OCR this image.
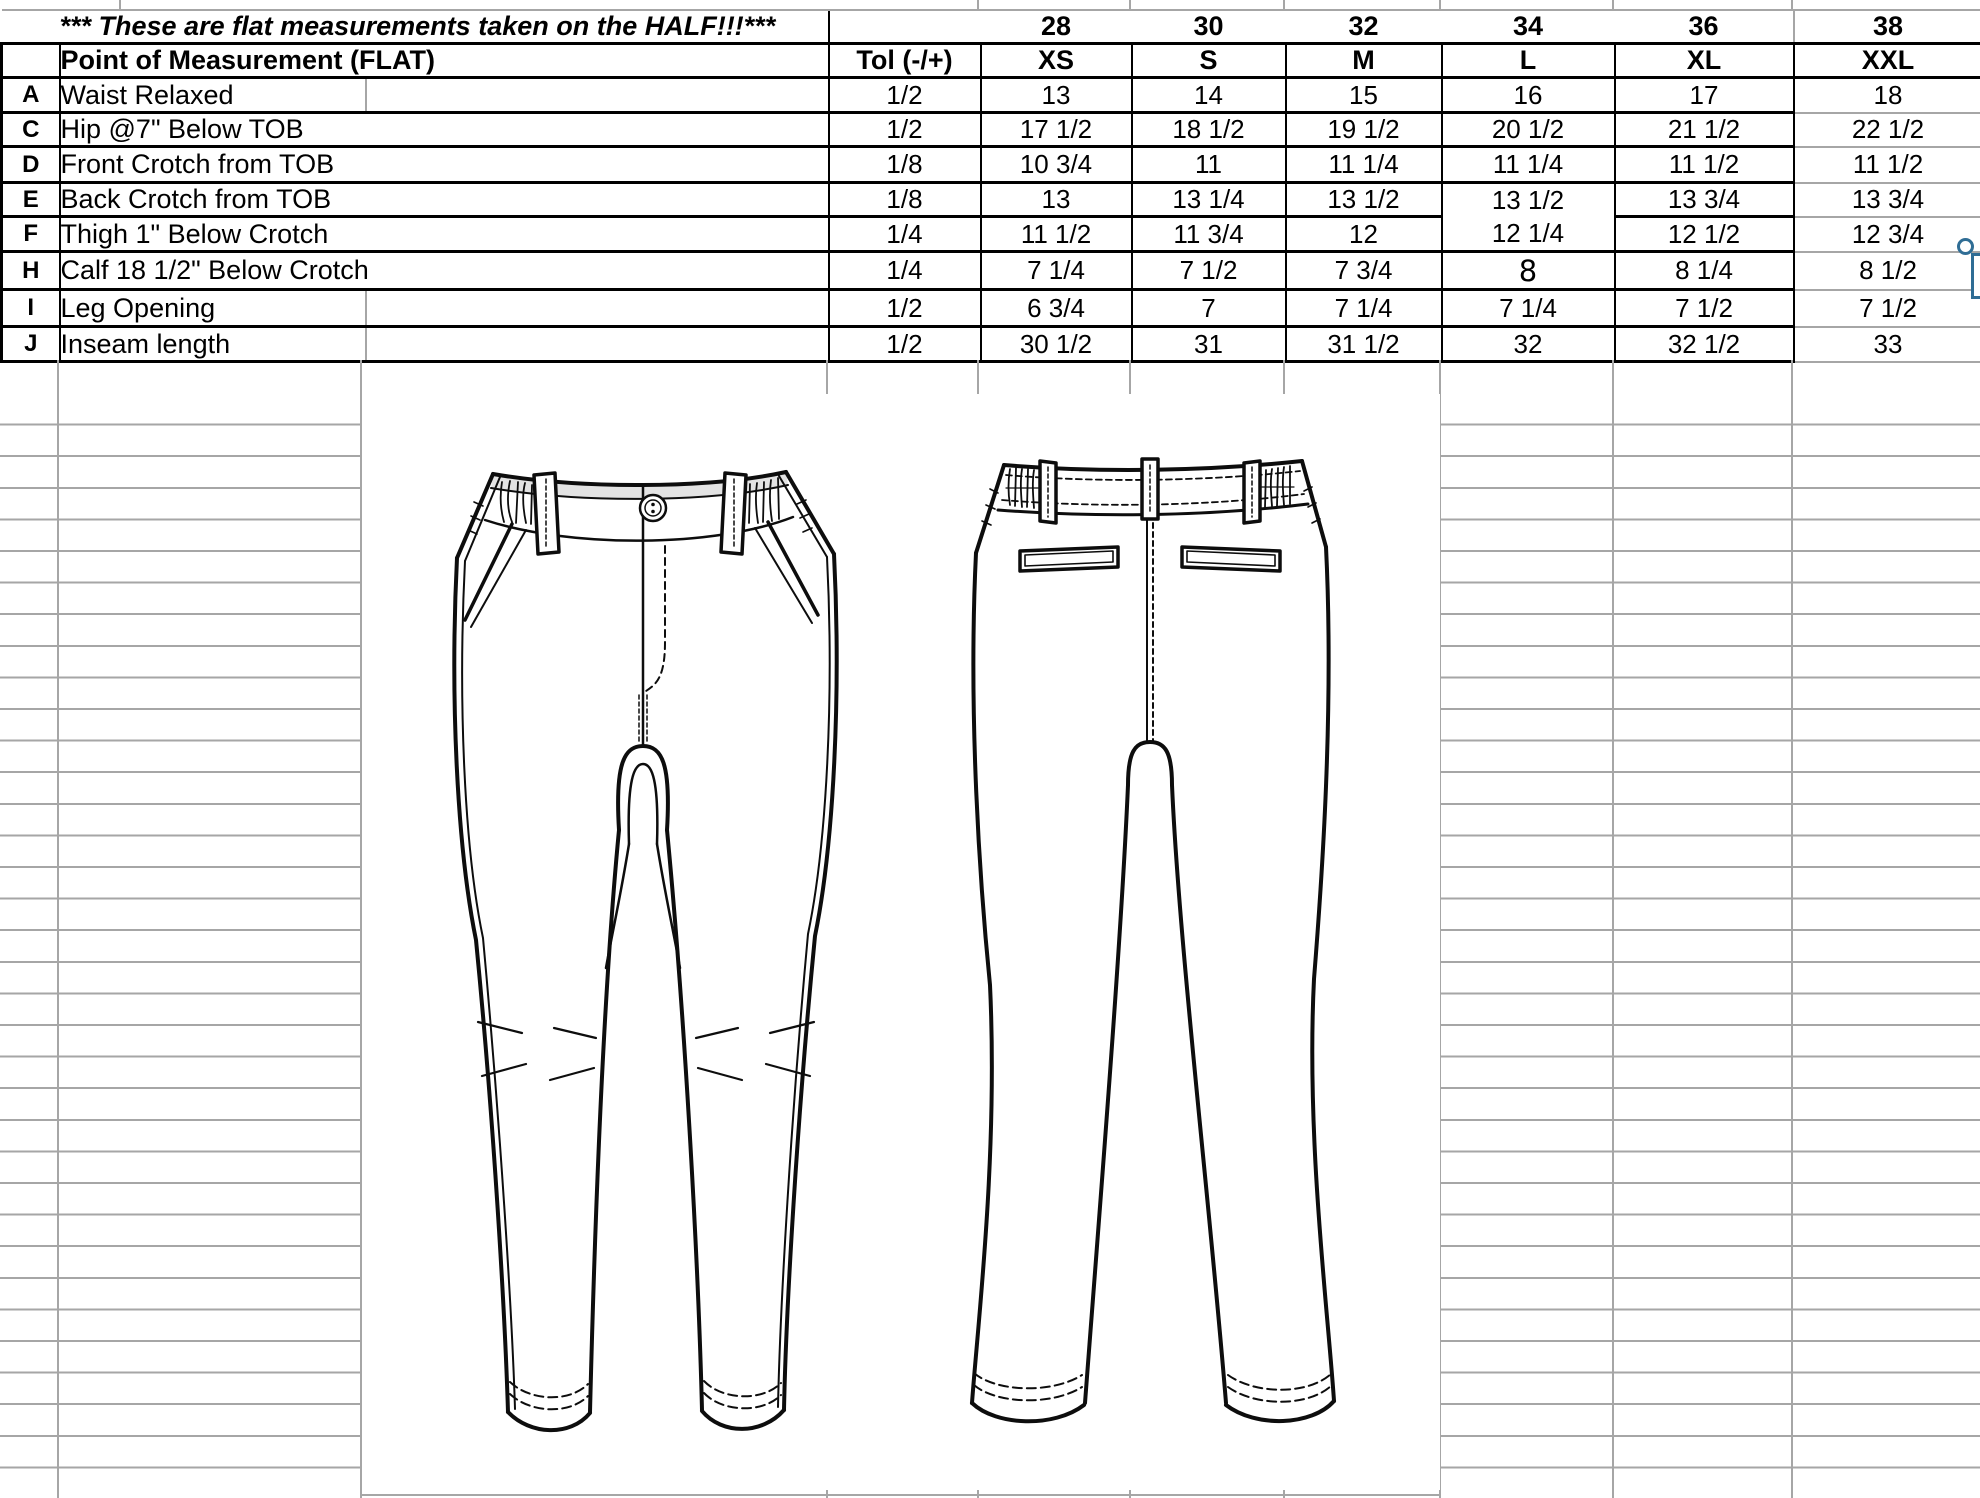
	*** These are flat measurements taken on the HALF!!!***		28	30	32	34	36	38
	Point of Measurement (FLAT)	Tol (-/+)	XS	S	M	L	XL	XXL
A	Waist Relaxed	1/2	13	14	15	16	17	18
C	Hip @7" Below TOB	1/2	17 1/2	18 1/2	19 1/2	20 1/2	21 1/2	22 1/2
D	Front Crotch from TOB	1/8	10 3/4	11	11 1/4	11 1/4	11 1/2	11 1/2
E	Back Crotch from TOB	1/8	13	13 1/4	13 1/2	13 1/2	13 3/4	13 3/4
F	Thigh 1" Below Crotch	1/4	11 1/2	11 3/4	12	12 1/4	12 1/2	12 3/4
H	Calf 18 1/2" Below Crotch	1/4	7 1/4	7 1/2	7 3/4	8	8 1/4	8 1/2
I	Leg Opening	1/2	6 3/4	7	7 1/4	7 1/4	7 1/2	7 1/2
J	Inseam length	1/2	30 1/2	31	31 1/2	32	32 1/2	33
